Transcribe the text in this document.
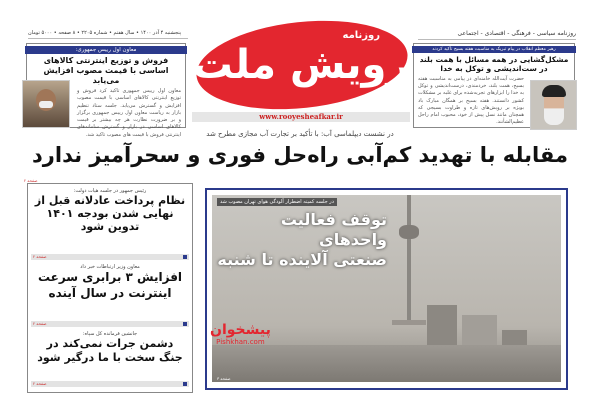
پنجشنبه ۴ آذر ۱۴۰۰ • سال هفتم • شماره ۲۲۰۵ • ۸ صفحه • ۵۰۰۰ تومان	روزنامه سیاسی - فرهنگی - اقتصادی - اجتماعی
روزنامه
رویش ملت
www.rooyesheafkar.ir
معاون اول رییس جمهوری:
فروش و توزیع اینترنتی کالاهای اساسی با قیمت مصوب افزایش می‌یابد
معاون اول رییس جمهوری تاکید کرد فروش و توزیع اینترنتی کالاهای اساسی با قیمت مصوب افزایش و گسترش می‌یابد. جلسه ستاد تنظیم بازار به ریاست معاون اول رییس جمهوری برگزار و بر ضرورت نظارت هر چه بیشتر بر قیمت کالاهای اساسی در بازار و گسترش سامانه‌های اینترنتی فروش با قیمت های مصوب تاکید شد.
رهبر معظم انقلاب در پیام تبریک به مناسبت هفته بسیج تأکید کردند
مشکل‌گشایی در همه مسائل با همت بلند در ست‌اندیشی و توکل به خدا
حضرت آیت‌الله خامنه‌ای در پیامی به مناسبت هفته بسیج، همت بلند، خردمندی، درست‌اندیشی و توکل به خدا را ابزارهای تجربه‌شده برای غلبه بر مشکلات کشور دانستند. هفته بسیج بر همگان مبارک باد بویژه بر رویش‌های تازه و طراوت بسیجی که همچنان مانند نسل پیش از خود، محبوب امام راحل عظیم‌الشأنند.
در نشست دیپلماسی آب: با تأکید بر تجارت آب مجازی مطرح شد
مقابله با تهدید کم‌آبی راه‌حل فوری و سحرآمیز ندارد
صفحه ۲
رئیس جمهور در جلسه هیات دولت:
نظام پرداخت عادلانه قبل از نهایی شدن بودجه ۱۴۰۱ تدوین شود
صفحه ۲
معاون وزیر ارتباطات خبر داد
افزایش ۳ برابری سرعت اینترنت در سال آینده
صفحه ۲
جانشین فرمانده کل سپاه:
دشمن جرات نمی‌کند در جنگ سخت با ما درگیر شود
صفحه ۲
در جلسه کمیته اضطرار آلودگی هوای تهران مصوب شد
توقف فعالیت واحدهای
صنعتی آلاینده تا شنبه
صفحه ۳
پیشخوان
Pishkhan.com
